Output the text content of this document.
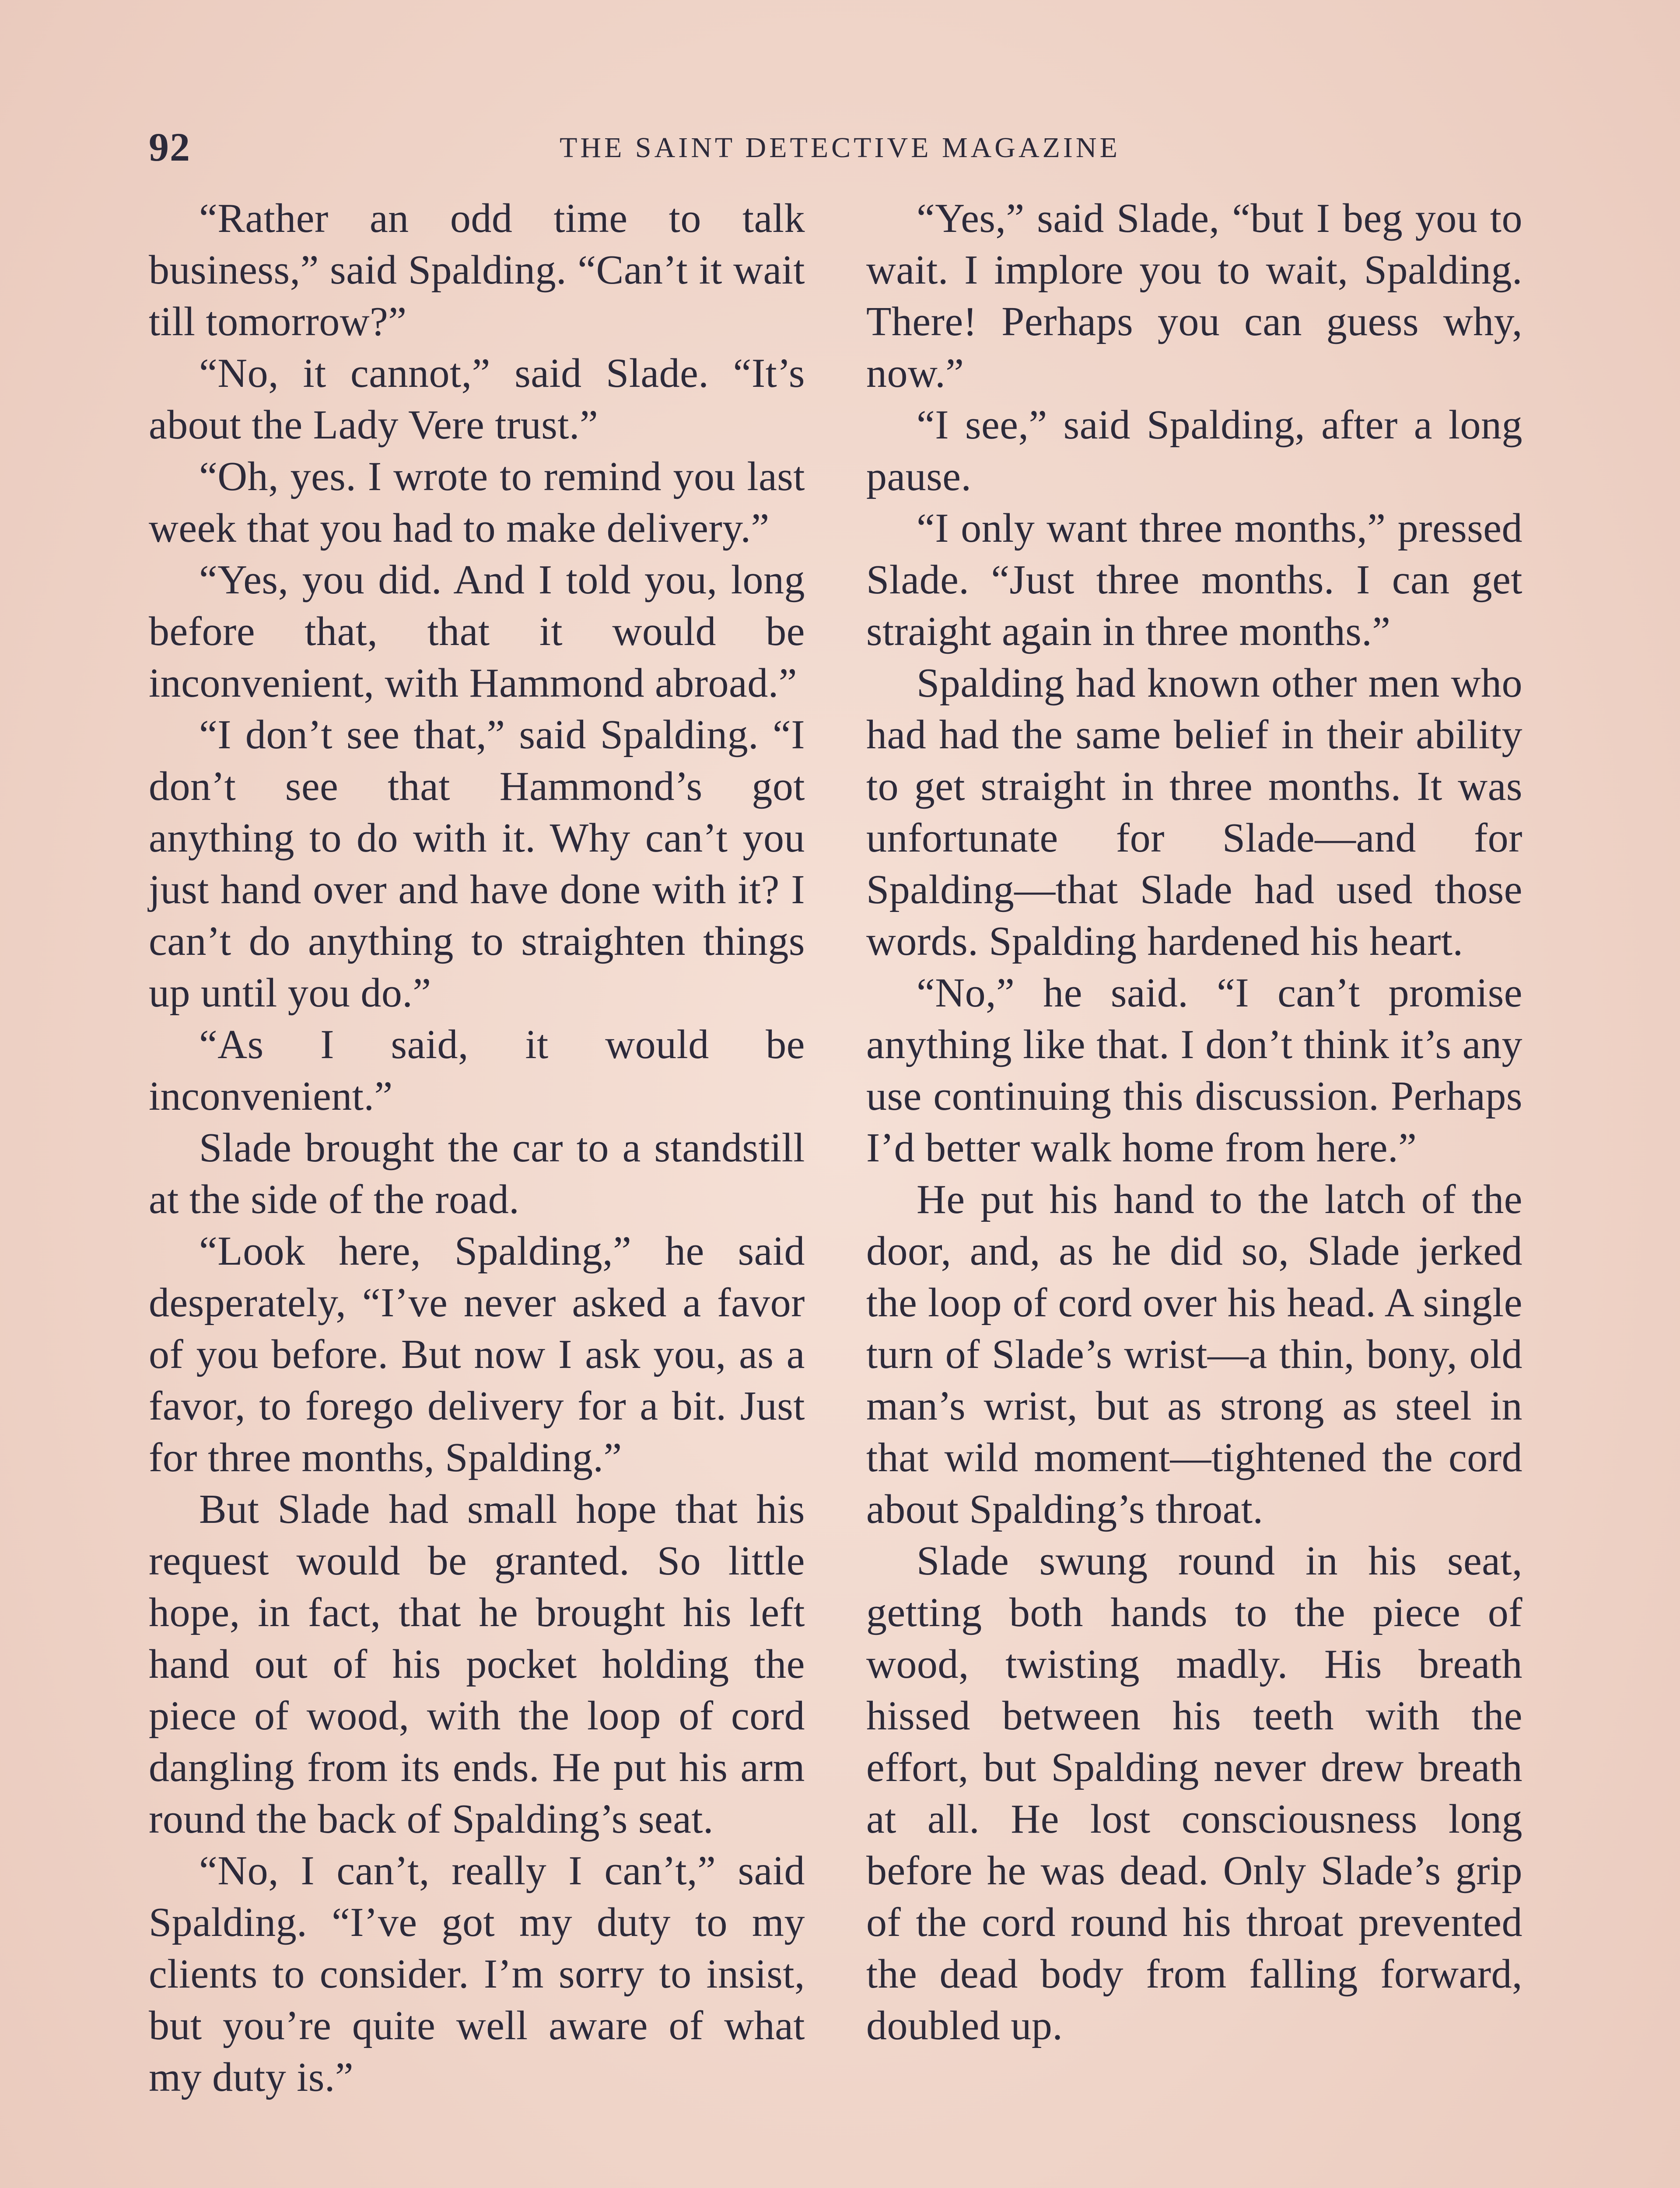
92	THE SAINT DETECTIVE MAGAZINE

“Rather an odd time to talk business,” said Spalding. “Can’t it wait till tomorrow?”

“No, it cannot,” said Slade. “It’s about the Lady Vere trust.”

“Oh, yes. I wrote to remind you last week that you had to make delivery.”

“Yes, you did. And I told you, long before that, that it would be inconvenient, with Hammond abroad.”

“I don’t see that,” said Spalding. “I don’t see that Hammond’s got anything to do with it. Why can’t you just hand over and have done with it? I can’t do anything to straighten things up until you do.”

“As I said, it would be inconvenient.”

Slade brought the car to a standstill at the side of the road.

“Look here, Spalding,” he said desperately, “I’ve never asked a favor of you before. But now I ask you, as a favor, to forego delivery for a bit. Just for three months, Spalding.”

But Slade had small hope that his request would be granted. So little hope, in fact, that he brought his left hand out of his pocket holding the piece of wood, with the loop of cord dangling from its ends. He put his arm round the back of Spalding’s seat.

“No, I can’t, really I can’t,” said Spalding. “I’ve got my duty to my clients to consider. I’m sorry to insist, but you’re quite well aware of what my duty is.”

“Yes,” said Slade, “but I beg you to wait. I implore you to wait, Spalding. There! Perhaps you can guess why, now.”

“I see,” said Spalding, after a long pause.

“I only want three months,” pressed Slade. “Just three months. I can get straight again in three months.”

Spalding had known other men who had had the same belief in their ability to get straight in three months. It was unfortunate for Slade—and for Spalding—that Slade had used those words. Spalding hardened his heart.

“No,” he said. “I can’t promise anything like that. I don’t think it’s any use continuing this discussion. Perhaps I’d better walk home from here.”

He put his hand to the latch of the door, and, as he did so, Slade jerked the loop of cord over his head. A single turn of Slade’s wrist—a thin, bony, old man’s wrist, but as strong as steel in that wild moment—tightened the cord about Spalding’s throat.

Slade swung round in his seat, getting both hands to the piece of wood, twisting madly. His breath hissed between his teeth with the effort, but Spalding never drew breath at all. He lost consciousness long before he was dead. Only Slade’s grip of the cord round his throat prevented the dead body from falling forward, doubled up.
